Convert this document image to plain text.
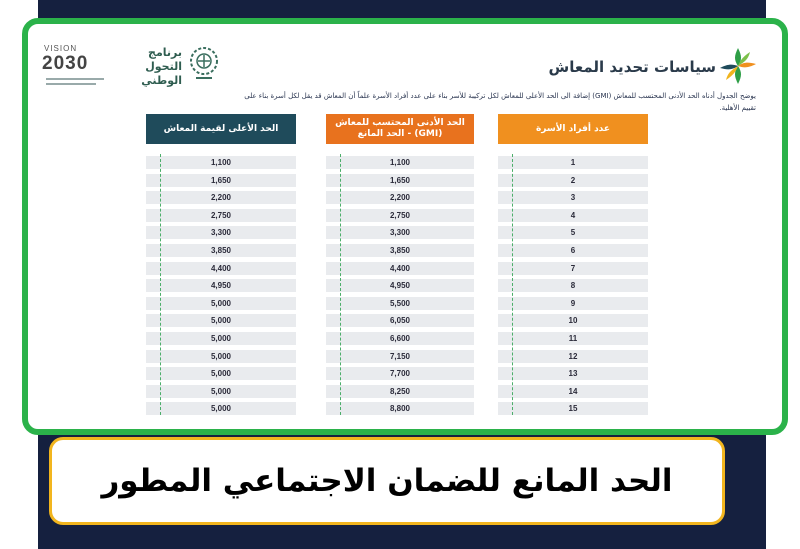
VISION
2030
برنامج التحول الوطني
سياسات تحديد المعاش
يوضح الجدول أدناه الحد الأدنى المحتسب للمعاش (GMI) إضافة الى الحد الأعلى للمعاش لكل تركيبة للأسر بناء على عدد أفراد الأسرة علماً أن المعاش قد يقل لكل أسرة بناء على تقييم الأهلية.
الحد الأعلى لقيمة المعاش
1,100
1,650
2,200
2,750
3,300
3,850
4,400
4,950
5,000
5,000
5,000
5,000
5,000
5,000
5,000
الحد الأدنى المحتسب للمعاش (GMI) - الحد المانع
1,100
1,650
2,200
2,750
3,300
3,850
4,400
4,950
5,500
6,050
6,600
7,150
7,700
8,250
8,800
عدد أفراد الأسرة
1
2
3
4
5
6
7
8
9
10
11
12
13
14
15
الحد المانع للضمان الاجتماعي المطور
